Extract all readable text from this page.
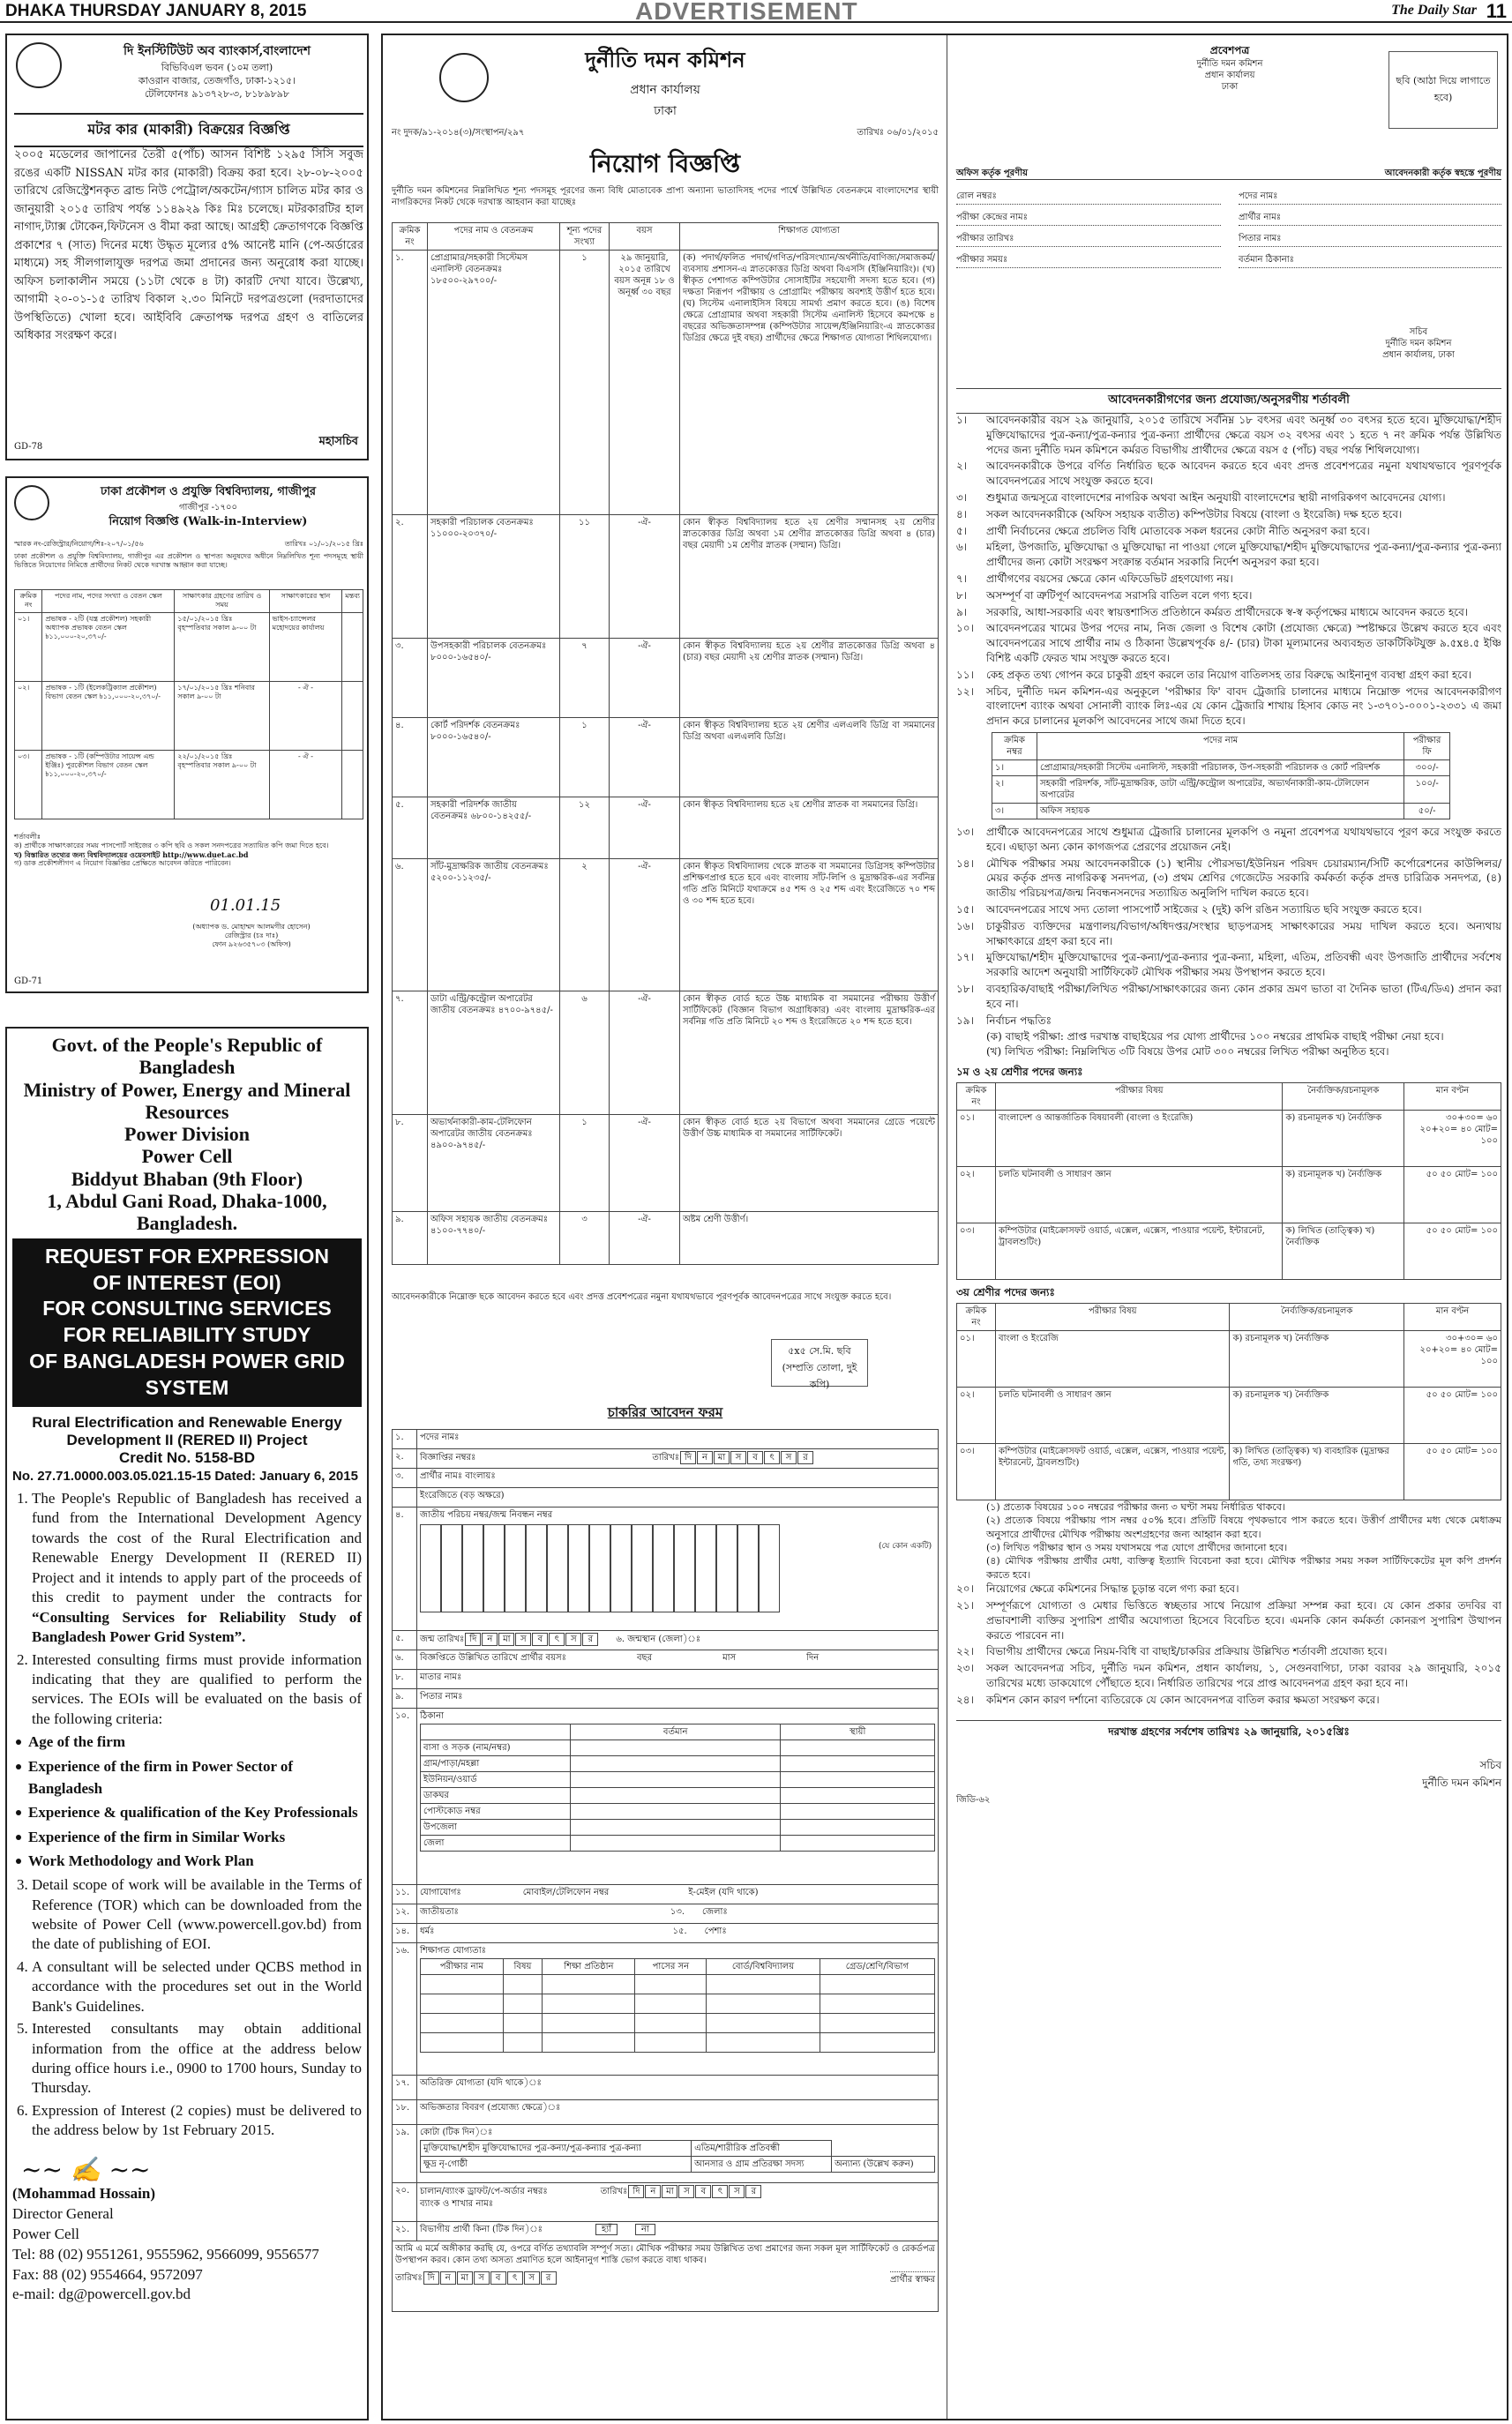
DHAKA THURSDAY JANUARY 8, 2015	ADVERTISEMENT	The Daily Star 11
দি ইনস্টিটিউট অব ব্যাংকার্স,বাংলাদেশ
বিভিবিএল ভবন (১০ম তলা)
কাওরান বাজার, তেজগাঁও, ঢাকা-১২১৫।
টেলিফোনঃ ৯১৩৭২৮-৩, ৮১৮৯৮৯৮
মটর কার (মাকারী) বিক্রয়ের বিজ্ঞপ্তি
২০০৫ মডেলের জাপানের তৈরী ৫(পাঁচ) আসন বিশিষ্ট ১২৯৫ সিসি সবুজ রঙের একটি NISSAN মটর কার (মাকারী) বিক্রয় করা হবে। ২৮-০৮-২০০৫ তারিখে রেজিস্ট্রেশনকৃত ব্রান্ড নিউ পেট্রোল/অকটেন/গ্যাস চালিত মটর কার ও জানুয়ারী ২০১৫ তারিখ পর্যন্ত ১১৪৯২৯ কিঃ মিঃ চলেছে। মটরকারটির হাল নাগাদ,ট্যাক্স টোকেন,ফিটনেস ও বীমা করা আছে। আগ্রহী ক্রেতাগণকে বিজ্ঞপ্তি প্রকাশের ৭ (সাত) দিনের মধ্যে উদ্ধৃত মূল্যের ৫% আনেষ্ট মানি (পে-অর্ডারের মাধ্যমে) সহ সীলগালাযুক্ত দরপত্র জমা প্রদানের জন্য অনুরোধ করা যাচ্ছে। অফিস চলাকালীন সময়ে (১১টা থেকে ৪ টা) কারটি দেখা যাবে। উল্লেখ্য, আগামী ২০-০১-১৫ তারিখ বিকাল ২.৩০ মিনিটে দরপত্রগুলো (দরদাতাদের উপস্থিতিতে) খোলা হবে। আইবিবি ক্রেতাপক্ষ দরপত্র গ্রহণ ও বাতিলের অধিকার সংরক্ষণ করে।
GD-78	মহাসচিব
ঢাকা প্রকৌশল ও প্রযুক্তি বিশ্ববিদ্যালয়, গাজীপুর
গাজীপুর -১৭০০
নিয়োগ বিজ্ঞপ্তি (Walk-in-Interview)
স্মারক নং-রেজিস্ট্রার/নিয়োগ/শিঃ-২০৭/০১/৫৬	তারিখঃ ০১/০১/২০১৫ খ্রিঃ
ঢাকা প্রকৌশল ও প্রযুক্তি বিশ্ববিদ্যালয়, গাজীপুর এর প্রকৌশল ও স্থাপত্য অনুষদের অধীনে নিম্নলিখিত শূন্য পদসমূহে স্থায়ী ভিত্তিতে নিয়োগের নিমিত্তে প্রার্থীদের নিকট থেকে দরখাস্ত আহ্বান করা যাচ্ছে।
ক্রমিক নং	পদের নাম, পদের সংখ্যা ও বেতন স্কেল	সাক্ষাৎকার গ্রহণের তারিখ ও সময়	সাক্ষাৎকারের স্থান	মন্তব্য
০১।	প্রভাষক - ২টি (যন্ত্র প্রকৌশল) সহকারী অধ্যাপক প্রভাষক বেতন স্কেল ৳১১,০০০-২০,৩৭০/-	১৫/০১/২০১৫ খ্রিঃ বৃহস্পতিবার সকাল ৯-০০ টা	ভাইস-চ্যান্সেলর মহোদয়ের কার্যালয়	
০২।	প্রভাষক - ১টি (ইলেকট্রিক্যাল প্রকৌশল) বিভাগ বেতন স্কেল ৳১১,০০০-২০,৩৭০/-	১৭/০১/২০১৫ খ্রিঃ শনিবার সকাল ৯-০০ টা	- ঐ -	
০৩।	প্রভাষক - ১টি (কম্পিউটার সায়েন্স এন্ড ইঞ্জিঃ) পুরকৌশল বিভাগ বেতন স্কেল ৳১১,০০০-২০,৩৭০/-	২২/০১/২০১৫ খ্রিঃ বৃহস্পতিবার সকাল ৯-০০ টা	- ঐ -	
শর্তাবলীঃ
ক) প্রার্থীকে সাক্ষাৎকারের সময় পাসপোর্ট সাইজের ৩ কপি ছবি ও সকল সনদপত্রের সত্যায়িত কপি জমা দিতে হবে।
খ) বিস্তারিত তথ্যের জন্য বিশ্ববিদ্যালয়ের ওয়েবসাইট http://www.duet.ac.bd
গ) ডাক প্রকৌশলীগণ এ নিয়োগ বিজ্ঞপ্তির প্রেক্ষিতে আবেদন করিতে পারিবেন।
01.01.15
(অধ্যাপক ড. মোহাম্মদ আলমগীর হোসেন)
রেজিস্ট্রার (চঃ দাঃ)
ফোন ৯২৬৩৫৭০৩ (অফিস)
GD-71
Govt. of the People's Republic of Bangladesh
Ministry of Power, Energy and Mineral Resources
Power Division
Power Cell
Biddyut Bhaban (9th Floor)
1, Abdul Gani Road, Dhaka-1000, Bangladesh.
REQUEST FOR EXPRESSION
OF INTEREST (EOI)
FOR CONSULTING SERVICES
FOR RELIABILITY STUDY
OF BANGLADESH POWER GRID SYSTEM
Rural Electrification and Renewable Energy Development II (RERED II) Project
Credit No. 5158-BD
No. 27.71.0000.003.05.021.15-15 Dated: January 6, 2015
1. The People's Republic of Bangladesh has received a fund from the International Development Agency towards the cost of the Rural Electrification and Renewable Energy Development II (RERED II) Project and it intends to apply part of the proceeds of this credit to payment under the contracts for “Consulting Services for Reliability Study of Bangladesh Power Grid System”.
2. Interested consulting firms must provide information indicating that they are qualified to perform the services. The EOIs will be evaluated on the basis of the following criteria:
Age of the firm
Experience of the firm in Power Sector of Bangladesh
Experience & qualification of the Key Professionals
Experience of the firm in Similar Works
Work Methodology and Work Plan
3. Detail scope of work will be available in the Terms of Reference (TOR) which can be downloaded from the website of Power Cell (www.powercell.gov.bd) from the date of publishing of EOI.
4. A consultant will be selected under QCBS method in accordance with the procedures set out in the World Bank's Guidelines.
5. Interested consultants may obtain additional information from the office at the address below during office hours i.e., 0900 to 1700 hours, Sunday to Thursday.
6. Expression of Interest (2 copies) must be delivered to the address below by 1st February 2015.
~~ ✍ ~~
(Mohammad Hossain)
Director General
Power Cell
Tel: 88 (02) 9551261, 9555962, 9566099, 9556577
Fax: 88 (02) 9554664, 9572097
e-mail: dg@powercell.gov.bd
দুর্নীতি দমন কমিশন
প্রধান কার্যালয়
ঢাকা
নং দুদক/৯১-২০১৪(৩)/সংস্থাপন/২৯৭	তারিখঃ ০৬/০১/২০১৫
নিয়োগ বিজ্ঞপ্তি
দুর্নীতি দমন কমিশনের নিম্নলিখিত শূন্য পদসমূহ পূরণের জন্য বিধি মোতাবেক প্রাপ্য অন্যান্য ভাতাদিসহ পদের পার্শ্বে উল্লিখিত বেতনক্রমে বাংলাদেশের স্থায়ী নাগরিকদের নিকট থেকে দরখাস্ত আহবান করা যাচ্ছেঃ
ক্রমিক নং	পদের নাম ও বেতনক্রম	শূন্য পদের সংখ্যা	বয়স	শিক্ষাগত যোগ্যতা
১.	প্রোগ্রামার/সহকারী সিস্টেমস এনালিস্ট বেতনক্রমঃ ১৮৫০০-২৯৭০০/-	১	২৯ জানুয়ারি, ২০১৫ তারিখে বয়স অনূন্ন ১৮ ও অনূর্ধ্ব ৩০ বছর	(ক) পদার্থ/ফলিত পদার্থ/গণিত/পরিসংখ্যান/অর্থনীতি/বাণিজ্য/সমাজকর্ম/ব্যবসায় প্রশাসন-এ স্নাতকোত্তর ডিগ্রি অথবা বিএসসি (ইঞ্জিনিয়ারিং)। (খ) স্বীকৃত পেশাগত কম্পিউটার সোসাইটির সহযোগী সদস্য হতে হবে। (গ) দক্ষতা নিরূপণ পরীক্ষায় ও প্রোগ্রামিং পরীক্ষায় অবশ্যই উত্তীর্ণ হতে হবে। (ঘ) সিস্টেম এনালাইসিস বিষয়ে সামর্থ্য প্রমাণ করতে হবে। (ঙ) বিশেষ ক্ষেত্রে প্রোগ্রামার অথবা সহকারী সিস্টেম এনালিস্ট হিসেবে কমপক্ষে ৪ বছরের অভিজ্ঞতাসম্পন্ন (কম্পিউটার সায়েন্স/ইঞ্জিনিয়ারিং-এ স্নাতকোত্তর ডিগ্রির ক্ষেত্রে দুই বছর) প্রার্থীদের ক্ষেত্রে শিক্ষাগত যোগ্যতা শিথিলযোগ্য।
২.	সহকারী পরিচালক বেতনক্রমঃ ১১০০০-২০৩৭০/-	১১	-ঐ-	কোন স্বীকৃত বিশ্ববিদ্যালয় হতে ২য় শ্রেণীর সম্মানসহ ২য় শ্রেণীর স্নাতকোত্তর ডিগ্রি অথবা ১ম শ্রেণীর স্নাতকোত্তর ডিগ্রি অথবা ৪ (চার) বছর মেয়াদী ১ম শ্রেণীর স্নাতক (সম্মান) ডিগ্রি।
৩.	উপসহকারী পরিচালক বেতনক্রমঃ ৮০০০-১৬৫৪০/-	৭	-ঐ-	কোন স্বীকৃত বিশ্ববিদ্যালয় হতে ২য় শ্রেণীর স্নাতকোত্তর ডিগ্রি অথবা ৪ (চার) বছর মেয়াদী ২য় শ্রেণীর স্নাতক (সম্মান) ডিগ্রি।
৪.	কোর্ট পরিদর্শক বেতনক্রমঃ ৮০০০-১৬৫৪০/-	১	-ঐ-	কোন স্বীকৃত বিশ্ববিদ্যালয় হতে ২য় শ্রেণীর এলএলবি ডিগ্রি বা সমমানের ডিগ্রি অথবা এলএলবি ডিগ্রি।
৫.	সহকারী পরিদর্শক জাতীয় বেতনক্রমঃ ৬৮০০-১৪২৫৫/-	১২	-ঐ-	কোন স্বীকৃত বিশ্ববিদ্যালয় হতে ২য় শ্রেণীর স্নাতক বা সমমানের ডিগ্রি।
৬.	সাঁট-মুদ্রাক্ষরিক জাতীয় বেতনক্রমঃ ৫২০০-১১২৩৫/-	২	-ঐ-	কোন স্বীকৃত বিশ্ববিদ্যালয় থেকে স্নাতক বা সমমানের ডিগ্রিসহ কম্পিউটার প্রশিক্ষণপ্রাপ্ত হতে হবে এবং বাংলায় সাঁট-লিপি ও মুদ্রাক্ষরিক-এর সর্বনিম্ন গতি প্রতি মিনিটে যথাক্রমে ৪৫ শব্দ ও ২৫ শব্দ এবং ইংরেজিতে ৭০ শব্দ ও ৩০ শব্দ হতে হবে।
৭.	ডাটা এন্ট্রি/কন্ট্রোল অপারেটর জাতীয় বেতনক্রমঃ ৪৭০০-৯৭৪৫/-	৬	-ঐ-	কোন স্বীকৃত বোর্ড হতে উচ্চ মাধ্যমিক বা সমমানের পরীক্ষায় উত্তীর্ণ সার্টিফিকেট (বিজ্ঞান বিভাগ অগ্রাধিকার) এবং বাংলায় মুদ্রাক্ষরিক-এর সর্বনিম্ন গতি প্রতি মিনিটে ২০ শব্দ ও ইংরেজিতে ২০ শব্দ হতে হবে।
৮.	অভ্যর্থনাকারী-কাম-টেলিফোন অপারেটর জাতীয় বেতনক্রমঃ ৪৯০০-৯৭৪৫/-	১	-ঐ-	কোন স্বীকৃত বোর্ড হতে ২য় বিভাগে অথবা সমমানের গ্রেডে পয়েন্টে উত্তীর্ণ উচ্চ মাধ্যমিক বা সমমানের সার্টিফিকেট।
৯.	অফিস সহায়ক জাতীয় বেতনক্রমঃ ৪১০০-৭৭৪০/-	৩	-ঐ-	অষ্টম শ্রেণী উত্তীর্ণ।
আবেদনকারীকে নিম্নোক্ত ছকে আবেদন করতে হবে এবং প্রদত্ত প্রবেশপত্রের নমুনা যথাযথভাবে পূরণপূর্বক আবেদনপত্রের সাথে সংযুক্ত করতে হবে।
৫x৫ সে.মি. ছবি (সম্প্রতি তোলা, দুই কপি)
চাকরির আবেদন ফরম
১.	পদের নামঃ
২.	বিজ্ঞাপ্তির নম্বরঃ	তারিখঃ দি ন মা স ব ৎ স র
৩.	প্রার্থীর নামঃ বাংলায়ঃ
	ইংরেজিতে (বড় অক্ষরে)
৪.	জাতীয় পরিচয় নম্বর/জন্ম নিবন্ধন নম্বর
(যে কোন একটি)

৫.	জন্ম তারিখঃ দি ন মা স ব ৎ স র	৬. জন্মস্থান (জেলা)ঃ
৬.	বিজ্ঞপ্তিতে উল্লিখিত তারিখে প্রার্থীর বয়সঃ	বছর	মাস	দিন
৮.	মাতার নামঃ
৯.	পিতার নামঃ
১০.	ঠিকানা
	বর্তমান	স্থায়ী
বাসা ও সড়ক (নাম/নম্বর)		
গ্রাম/পাড়া/মহল্লা		
ইউনিয়ন/ওয়ার্ড		
ডাকঘর		
পোস্টকোড নম্বর		
উপজেলা		
জেলা		

১১.	যোগাযোগঃ	মোবাইল/টেলিফোন নম্বর	ই-মেইল (যদি থাকে)
১২.	জাতীয়তাঃ	১৩. জেলাঃ
১৪.	ধর্মঃ	১৫. পেশাঃ
১৬.	শিক্ষাগত যোগ্যতাঃ
পরীক্ষার নাম	বিষয়	শিক্ষা প্রতিষ্ঠান	পাসের সন	বোর্ড/বিশ্ববিদ্যালয়	গ্রেড/শ্রেণি/বিভাগ

১৭.	অতিরিক্ত যোগ্যতা (যদি থাকে)ঃ
১৮.	অভিজ্ঞতার বিবরণ (প্রযোজ্য ক্ষেত্রে)ঃ
১৯.	কোটা (টিক দিন)ঃ
মুক্তিযোদ্ধা/শহীদ মুক্তিযোদ্ধাদের পুত্র-কন্যা/পুত্র-কন্যার পুত্র-কন্যা	এতিম/শারীরিক প্রতিবন্ধী
ক্ষুদ্র নৃ-গোষ্ঠী	আনসার ও গ্রাম প্রতিরক্ষা সদস্য	অন্যান্য (উল্লেখ করুন)

২০.	চালান/ব্যাংক ড্রাফট/পে-অর্ডার নম্বরঃ	তারিখঃ দি ন মা স ব ৎ স র
ব্যাংক ও শাখার নামঃ

২১.	বিভাগীয় প্রার্থী কিনা (টিক দিন)ঃ	হ্যাঁ	না

আমি এ মর্মে অঙ্গীকার করছি যে, ওপরে বর্ণিত তথ্যাবলি সম্পূর্ণ সত্য। মৌখিক পরীক্ষার সময় উল্লিখিত তথ্য প্রমাণের জন্য সকল মূল সার্টিফিকেট ও রেকর্ডপত্র উপস্থাপন করব। কোন তথ্য অসত্য প্রমাণিত হলে আইনানুগ শাস্তি ভোগ করতে বাধ্য থাকব।
তারিখঃ দি ন মা স ব ৎ স র	প্রার্থীর স্বাক্ষর
প্রবেশপত্র
দুর্নীতি দমন কমিশন
প্রধান কার্যালয়
ঢাকা
ছবি (আঠা দিয়ে লাগাতে হবে)
অফিস কর্তৃক পূরণীয়	আবেদনকারী কর্তৃক স্বহস্তে পূরণীয়
রোল নম্বরঃ
পরীক্ষা কেন্দ্রের নামঃ
পরীক্ষার তারিখঃ
পরীক্ষার সময়ঃ
পদের নামঃ
প্রার্থীর নামঃ
পিতার নামঃ
বর্তমান ঠিকানাঃ
সচিব
দুর্নীতি দমন কমিশন
প্রধান কার্যালয়, ঢাকা
আবেদনকারীগণের জন্য প্রযোজ্য/অনুসরণীয় শর্তাবলী
১।	আবেদনকারীর বয়স ২৯ জানুয়ারি, ২০১৫ তারিখে সর্বনিম্ন ১৮ বৎসর এবং অনূর্ধ্ব ৩০ বৎসর হতে হবে। মুক্তিযোদ্ধা/শহীদ মুক্তিযোদ্ধাদের পুত্র-কন্যা/পুত্র-কন্যার পুত্র-কন্যা প্রার্থীদের ক্ষেত্রে বয়স ৩২ বৎসর এবং ১ হতে ৭ নং ক্রমিক পর্যন্ত উল্লিখিত পদের জন্য দুর্নীতি দমন কমিশনে কর্মরত বিভাগীয় প্রার্থীদের ক্ষেত্রে বয়স ৫ (পাঁচ) বছর পর্যন্ত শিথিলযোগ্য।
২।	আবেদনকারীকে উপরে বর্ণিত নির্ধারিত ছকে আবেদন করতে হবে এবং প্রদত্ত প্রবেশপত্রের নমুনা যথাযথভাবে পূরণপূর্বক আবেদনপত্রের সাথে সংযুক্ত করতে হবে।
৩।	শুধুমাত্র জন্মসূত্রে বাংলাদেশের নাগরিক অথবা আইন অনুযায়ী বাংলাদেশের স্থায়ী নাগরিকগণ আবেদনের যোগ্য।
৪।	সকল আবেদনকারীকে (অফিস সহায়ক ব্যতীত) কম্পিউটার বিষয়ে (বাংলা ও ইংরেজি) দক্ষ হতে হবে।
৫।	প্রার্থী নির্বাচনের ক্ষেত্রে প্রচলিত বিধি মোতাবেক সকল ধরনের কোটা নীতি অনুসরণ করা হবে।
৬।	মহিলা, উপজাতি, মুক্তিযোদ্ধা ও মুক্তিযোদ্ধা না পাওয়া গেলে মুক্তিযোদ্ধা/শহীদ মুক্তিযোদ্ধাদের পুত্র-কন্যা/পুত্র-কন্যার পুত্র-কন্যা প্রার্থীদের জন্য কোটা সংরক্ষণ সংক্রান্ত বর্তমান সরকারি নির্দেশ অনুসরণ করা হবে।
৭।	প্রার্থীগণের বয়সের ক্ষেত্রে কোন এফিডেভিট গ্রহণযোগ্য নয়।
৮।	অসম্পূর্ণ বা ত্রুটিপূর্ণ আবেদনপত্র সরাসরি বাতিল বলে গণ্য হবে।
৯।	সরকারি, আধা-সরকারি এবং স্বায়ত্তশাসিত প্রতিষ্ঠানে কর্মরত প্রার্থীদেরকে স্ব-স্ব কর্তৃপক্ষের মাধ্যমে আবেদন করতে হবে।
১০।	আবেদনপত্রের খামের উপর পদের নাম, নিজ জেলা ও বিশেষ কোটা (প্রযোজ্য ক্ষেত্রে) স্পষ্টাক্ষরে উল্লেখ করতে হবে এবং আবেদনপত্রের সাথে প্রার্থীর নাম ও ঠিকানা উল্লেখপূর্বক ৪/- (চার) টাকা মূল্যমানের অব্যবহৃত ডাকটিকিটযুক্ত ৯.৫x৪.৫ ইঞ্চি বিশিষ্ট একটি ফেরত খাম সংযুক্ত করতে হবে।
১১।	কেহ প্রকৃত তথ্য গোপন করে চাকুরী গ্রহণ করলে তার নিয়োগ বাতিলসহ তার বিরুদ্ধে আইনানুগ ব্যবস্থা গ্রহণ করা হবে।
১২।	সচিব, দুর্নীতি দমন কমিশন-এর অনুকূলে 'পরীক্ষার ফি' বাবদ ট্রেজারি চালানের মাধ্যমে নিম্নোক্ত পদের আবেদনকারীগণ বাংলাদেশ ব্যাংক অথবা সোনালী ব্যাংক লিঃ-এর যে কোন ট্রেজারি শাখায় হিসাব কোড নং ১-৩৭০১-০০০১-২৩৩১ এ জমা প্রদান করে চালানের মূলকপি আবেদনের সাথে জমা দিতে হবে।
ক্রমিক নম্বর	পদের নাম	পরীক্ষার ফি
১।	প্রোগ্রামার/সহকারী সিস্টেম এনালিস্ট, সহকারী পরিচালক, উপ-সহকারী পরিচালক ও কোর্ট পরিদর্শক	৩০০/-
২।	সহকারী পরিদর্শক, সাঁট-মুদ্রাক্ষরিক, ডাটা এন্ট্রি/কন্ট্রোল অপারেটর, অভ্যর্থনাকারী-কাম-টেলিফোন অপারেটর	১০০/-
৩।	অফিস সহায়ক	৫০/-
১৩।	প্রার্থীকে আবেদনপত্রের সাথে শুধুমাত্র ট্রেজারি চালানের মূলকপি ও নমুনা প্রবেশপত্র যথাযথভাবে পূরণ করে সংযুক্ত করতে হবে। এছাড়া অন্য কোন কাগজপত্র প্রেরণের প্রয়োজন নেই।
১৪।	মৌখিক পরীক্ষার সময় আবেদনকারীকে (১) স্থানীয় পৌরসভা/ইউনিয়ন পরিষদ চেয়ারম্যান/সিটি কর্পোরেশনের কাউন্সিলর/মেয়র কর্তৃক প্রদত্ত নাগরিকত্ব সনদপত্র, (৩) প্রথম শ্রেণির গেজেটেড সরকারি কর্মকর্তা কর্তৃক প্রদত্ত চারিত্রিক সনদপত্র, (৪) জাতীয় পরিচয়পত্র/জন্ম নিবন্ধনসনদের সত্যায়িত অনুলিপি দাখিল করতে হবে।
১৫।	আবেদনপত্রের সাথে সদ্য তোলা পাসপোর্ট সাইজের ২ (দুই) কপি রঙিন সত্যায়িত ছবি সংযুক্ত করতে হবে।
১৬।	চাকুরীরত ব্যক্তিদের মন্ত্রণালয়/বিভাগ/অধিদপ্তর/সংস্থার ছাড়পত্রসহ সাক্ষাৎকারের সময় দাখিল করতে হবে। অন্যথায় সাক্ষাৎকারে গ্রহণ করা হবে না।
১৭।	মুক্তিযোদ্ধা/শহীদ মুক্তিযোদ্ধাদের পুত্র-কন্যা/পুত্র-কন্যার পুত্র-কন্যা, মহিলা, এতিম, প্রতিবন্ধী এবং উপজাতি প্রার্থীদের সর্বশেষ সরকারি আদেশ অনুযায়ী সার্টিফিকেট মৌখিক পরীক্ষার সময় উপস্থাপন করতে হবে।
১৮।	ব্যবহারিক/বাছাই পরীক্ষা/লিখিত পরীক্ষা/সাক্ষাৎকারের জন্য কোন প্রকার ভ্রমণ ভাতা বা দৈনিক ভাতা (টিএ/ডিএ) প্রদান করা হবে না।
১৯।	নির্বাচন পদ্ধতিঃ
(ক) বাছাই পরীক্ষা: প্রাপ্ত দরখাস্ত বাছাইয়ের পর যোগ্য প্রার্থীদের ১০০ নম্বরের প্রাথমিক বাছাই পরীক্ষা নেয়া হবে।
(খ) লিখিত পরীক্ষা: নিম্নলিখিত ৩টি বিষয়ে উপর মোট ৩০০ নম্বরের লিখিত পরীক্ষা অনুষ্ঠিত হবে।
১ম ও ২য় শ্রেণীর পদের জন্যঃ
ক্রমিক নং	পরীক্ষার বিষয়	নৈর্ব্যক্তিক/রচনামূলক	মান বণ্টন
০১।	বাংলাদেশ ও আন্তর্জাতিক বিষয়াবলী (বাংলা ও ইংরেজি)	ক) রচনামূলক খ) নৈর্ব্যক্তিক	৩০+৩০= ৬০ ২০+২০= ৪০ মোট= ১০০
০২।	চলতি ঘটনাবলী ও সাধারণ জ্ঞান	ক) রচনামূলক খ) নৈর্ব্যক্তিক	৫০ ৫০ মোট= ১০০
০৩।	কম্পিউটার (মাইক্রোসফট ওয়ার্ড, এক্সেল, এক্সেস, পাওয়ার পয়েন্ট, ইন্টারনেট, ট্রাবলশুটিং)	ক) লিখিত (তাত্ত্বিক) খ) নৈর্ব্যক্তিক	৫০ ৫০ মোট= ১০০
৩য় শ্রেণীর পদের জন্যঃ
ক্রমিক নং	পরীক্ষার বিষয়	নৈর্ব্যক্তিক/রচনামূলক	মান বণ্টন
০১।	বাংলা ও ইংরেজি	ক) রচনামূলক খ) নৈর্ব্যক্তিক	৩০+৩০= ৬০ ২০+২০= ৪০ মোট= ১০০
০২।	চলতি ঘটনাবলী ও সাধারণ জ্ঞান	ক) রচনামূলক খ) নৈর্ব্যক্তিক	৫০ ৫০ মোট= ১০০
০৩।	কম্পিউটার (মাইক্রোসফট ওয়ার্ড, এক্সেল, এক্সেস, পাওয়ার পয়েন্ট, ইন্টারনেট, ট্রাবলশুটিং)	ক) লিখিত (তাত্ত্বিক) খ) ব্যবহারিক (মুদ্রাক্ষর গতি, তথ্য সংরক্ষণ)	৫০ ৫০ মোট= ১০০
(১) প্রত্যেক বিষয়ের ১০০ নম্বরের পরীক্ষার জন্য ৩ ঘণ্টা সময় নির্ধারিত থাকবে।
(২) প্রত্যেক বিষয়ে পরীক্ষায় পাস নম্বর ৫০% হবে। প্রতিটি বিষয়ে পৃথকভাবে পাস করতে হবে। উত্তীর্ণ প্রার্থীদের মধ্য থেকে মেধাক্রম অনুসারে প্রার্থীদের মৌখিক পরীক্ষায় অংশগ্রহণের জন্য আহ্বান করা হবে।
(৩) লিখিত পরীক্ষার স্থান ও সময় যথাসময়ে পত্র যোগে প্রার্থীদের জানানো হবে।
(৪) মৌখিক পরীক্ষায় প্রার্থীর মেধা, ব্যক্তিত্ব ইত্যাদি বিবেচনা করা হবে। মৌখিক পরীক্ষার সময় সকল সার্টিফিকেটের মূল কপি প্রদর্শন করতে হবে।
২০।	নিয়োগের ক্ষেত্রে কমিশনের সিদ্ধান্ত চূড়ান্ত বলে গণ্য করা হবে।
২১।	সম্পূর্ণরূপে যোগ্যতা ও মেধার ভিত্তিতে স্বচ্ছতার সাথে নিয়োগ প্রক্রিয়া সম্পন্ন করা হবে। যে কোন প্রকার তদবির বা প্রভাবশালী ব্যক্তির সুপারিশ প্রার্থীর অযোগ্যতা হিসেবে বিবেচিত হবে। এমনকি কোন কর্মকর্তা কোনরূপ সুপারিশ উত্থাপন করতে পারবেন না।
২২।	বিভাগীয় প্রার্থীদের ক্ষেত্রে নিয়ম-বিধি বা বাছাই/চাকরির প্রক্রিয়ায় উল্লিখিত শর্তাবলী প্রযোজ্য হবে।
২৩।	সকল আবেদনপত্র সচিব, দুর্নীতি দমন কমিশন, প্রধান কার্যালয়, ১, সেগুনবাগিচা, ঢাকা বরাবর ২৯ জানুয়ারি, ২০১৫ তারিখের মধ্যে ডাকযোগে পৌঁছাতে হবে। নির্ধারিত তারিখের পরে প্রাপ্ত আবেদনপত্র গ্রহণ করা হবে না।
২৪।	কমিশন কোন কারণ দর্শানো ব্যতিরেকে যে কোন আবেদনপত্র বাতিল করার ক্ষমতা সংরক্ষণ করে।
দরখাস্ত গ্রহণের সর্বশেষ তারিখঃ ২৯ জানুয়ারি, ২০১৫খ্রিঃ
সচিব
দুর্নীতি দমন কমিশন
জিডি-৬২
